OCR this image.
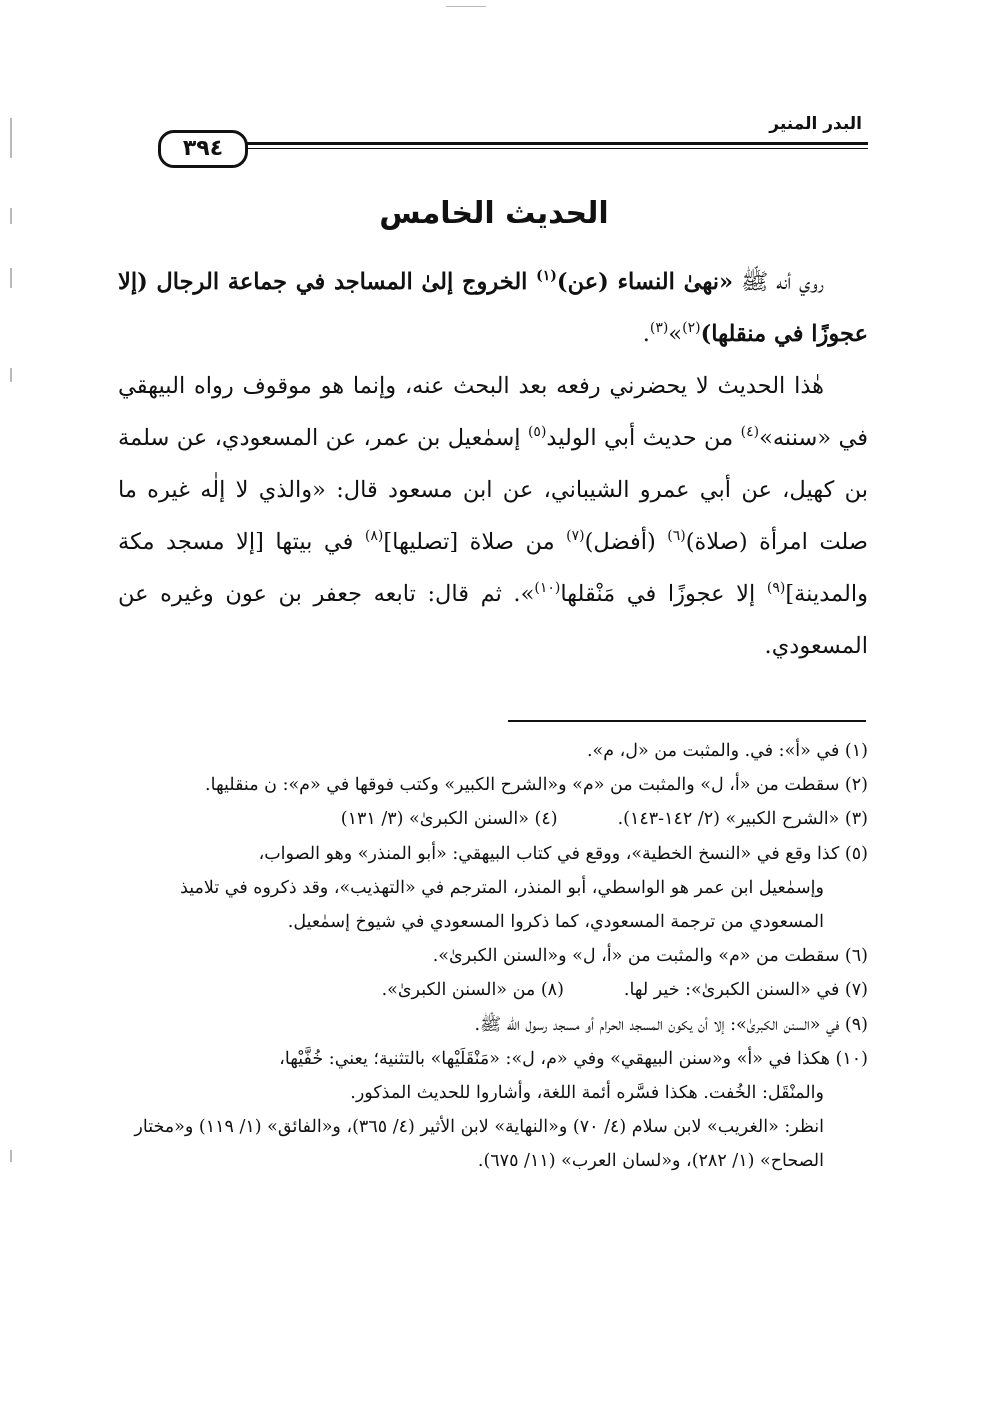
البدر المنير
٣٩٤
الحديث الخامس

روي أنه ﷺ «نهىٰ النساء (عن)$^{(١)}$ الخروج إلىٰ المساجد في جماعة الرجال (إلا عجوزًا في منقلها)$^{(٢)}$»$^{(٣)}$.

هٰذا الحديث لا يحضرني رفعه بعد البحث عنه، وإنما هو موقوف رواه البيهقي في «سننه»$^{(٤)}$ من حديث أبي الوليد$^{(٥)}$ إسمٰعيل بن عمر، عن المسعودي، عن سلمة بن كهيل، عن أبي عمرو الشيباني، عن ابن مسعود قال: «والذي لا إلٰه غيره ما صلت امرأة (صلاة)$^{(٦)}$ (أفضل)$^{(٧)}$ من صلاة [تصليها]$^{(٨)}$ في بيتها [إلا مسجد مكة والمدينة]$^{(٩)}$ إلا عجوزًا في مَنْقلها$^{(١٠)}$». ثم قال: تابعه جعفر بن عون وغيره عن المسعودي.

(١) في «أ»: في. والمثبت من «ل، م».

(٢) سقطت من «أ، ل» والمثبت من «م» و«الشرح الكبير» وكتب فوقها في «م»: ن منقليها.

(٣) «الشرح الكبير» (٢/ ١٤٢-١٤٣).(٤) «السنن الكبرىٰ» (٣/ ١٣١)

(٥) كذا وقع في «النسخ الخطية»، ووقع في كتاب البيهقي: «أبو المنذر» وهو الصواب،
وإسمٰعيل ابن عمر هو الواسطي، أبو المنذر، المترجم في «التهذيب»، وقد ذكروه في تلاميذ المسعودي من ترجمة المسعودي، كما ذكروا المسعودي في شيوخ إسمٰعيل.

(٦) سقطت من «م» والمثبت من «أ، ل» و«السنن الكبرىٰ».

(٧) في «السنن الكبرىٰ»: خير لها.(٨) من «السنن الكبرىٰ».

(٩) في «السنن الكبرىٰ»: إلا أن يكون المسجد الحرام أو مسجد رسول الله ﷺ.

(١٠) هكذا في «أ» و«سنن البيهقي» وفي «م، ل»: «مَنْقَلَيْها» بالتثنية؛ يعني: خُفَّيْها،
والمنْقَل: الخُفت. هكذا فسَّره أئمة اللغة، وأشاروا للحديث المذكور.
انظر: «الغريب» لابن سلام (٤/ ٧٠) و«النهاية» لابن الأثير (٤/ ٣٦٥)، و«الفائق» (١/ ١١٩) و«مختار الصحاح» (١/ ٢٨٢)، و«لسان العرب» (١١/ ٦٧٥).
